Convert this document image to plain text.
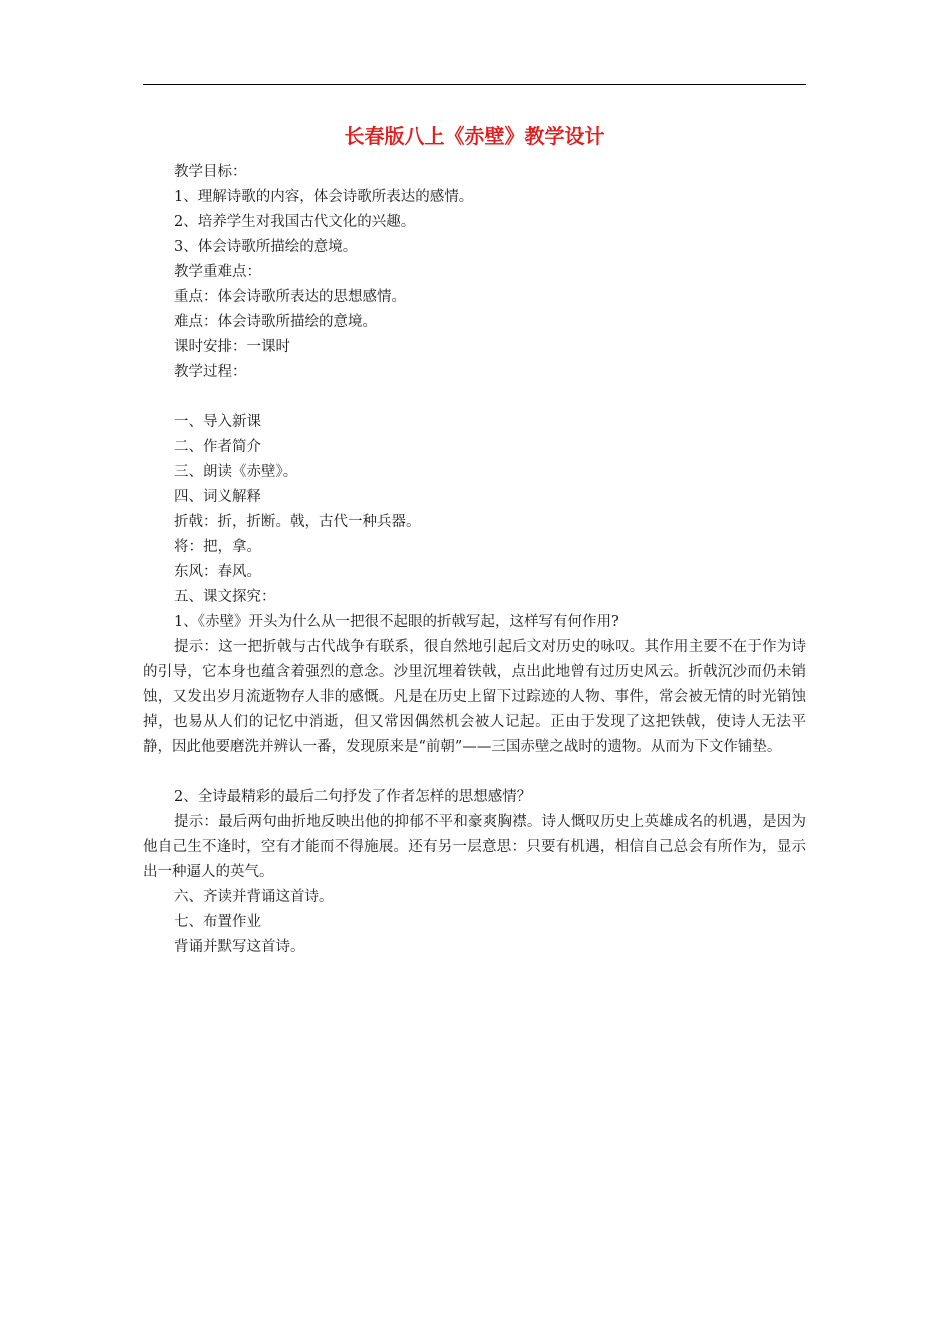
长春版八上《赤壁》教学设计
教学目标：
1、理解诗歌的内容，体会诗歌所表达的感情。
2、培养学生对我国古代文化的兴趣。
3、体会诗歌所描绘的意境。
教学重难点：
重点：体会诗歌所表达的思想感情。
难点：体会诗歌所描绘的意境。
课时安排：一课时
教学过程：
一、导入新课
二、作者简介
三、朗读《赤壁》。
四、词义解释
折戟：折，折断。戟，古代一种兵器。
将：把，拿。
东风：春风。
五、课文探究：
1、《赤壁》开头为什么从一把很不起眼的折戟写起，这样写有何作用?

提示：这一把折戟与古代战争有联系，很自然地引起后文对历史的咏叹。其作用主要不在于作为诗的引导，它本身也蕴含着强烈的意念。沙里沉埋着铁戟，点出此地曾有过历史风云。折戟沉沙而仍未销蚀，又发出岁月流逝物存人非的感慨。凡是在历史上留下过踪迹的人物、事件，常会被无情的时光销蚀掉，也易从人们的记忆中消逝，但又常因偶然机会被人记起。正由于发现了这把铁戟，使诗人无法平静，因此他要磨洗并辨认一番，发现原来是“前朝”——三国赤壁之战时的遗物。从而为下文作铺垫。

2、全诗最精彩的最后二句抒发了作者怎样的思想感情？

提示：最后两句曲折地反映出他的抑郁不平和豪爽胸襟。诗人慨叹历史上英雄成名的机遇，是因为他自己生不逢时，空有才能而不得施展。还有另一层意思：只要有机遇，相信自己总会有所作为，显示出一种逼人的英气。

六、齐读并背诵这首诗。
七、布置作业
背诵并默写这首诗。
